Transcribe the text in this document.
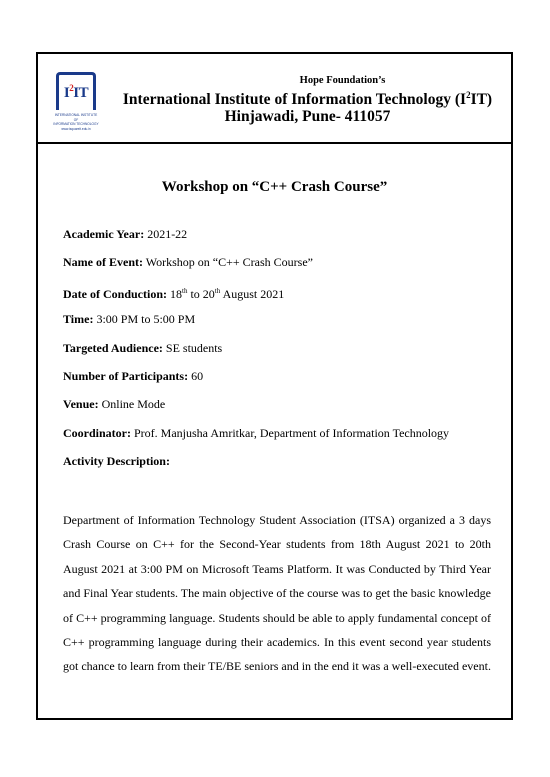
$I^2IT$
INTERNATIONAL INSTITUTE OF
INFORMATION TECHNOLOGY
www.isquareit.edu.in
Hope Foundation’s
International Institute of Information Technology $(I^2IT)$
Hinjawadi, Pune- 411057
Workshop on “C++ Crash Course”
Academic Year: 2021-22
Name of Event: Workshop on “C++ Crash Course”
Date of Conduction: 18th to 20th August 2021
Time: 3:00 PM to 5:00 PM
Targeted Audience: SE students
Number of Participants: 60
Venue: Online Mode
Coordinator: Prof. Manjusha Amritkar, Department of Information Technology
Activity Description:
Department of Information Technology Student Association (ITSA) organized a 3 days Crash Course on C++ for the Second-Year students from 18th August 2021 to 20th August 2021 at 3:00 PM on Microsoft Teams Platform. It was Conducted by Third Year and Final Year students. The main objective of the course was to get the basic knowledge of C++ programming language. Students should be able to apply fundamental concept of C++ programming language during their academics. In this event second year students got chance to learn from their TE/BE seniors and in the end it was a well-executed event.
